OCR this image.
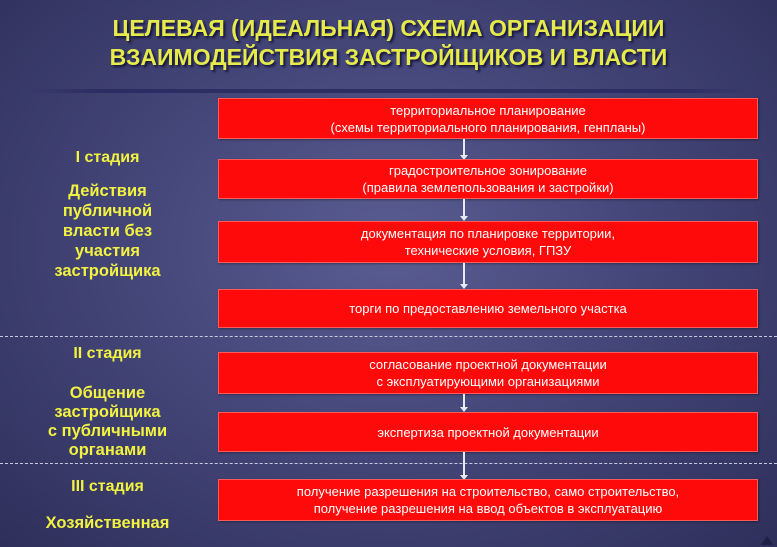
ЦЕЛЕВАЯ (ИДЕАЛЬНАЯ) СХЕМА ОРГАНИЗАЦИИ
ВЗАИМОДЕЙСТВИЯ ЗАСТРОЙЩИКОВ И ВЛАСТИ
I стадия
Действия
публичной
власти без
участия
застройщика
II стадия
Общение
застройщика
с публичными
органами
III стадия
Хозяйственная
территориальное планирование
(схемы территориального планирования, генпланы)
градостроительное зонирование
(правила землепользования и застройки)
документация по планировке территории,
технические условия, ГПЗУ
торги по предоставлению земельного участка
согласование проектной документации
с эксплуатирующими организациями
экспертиза проектной документации
получение разрешения на строительство, само строительство,
получение разрешения на ввод объектов в эксплуатацию
